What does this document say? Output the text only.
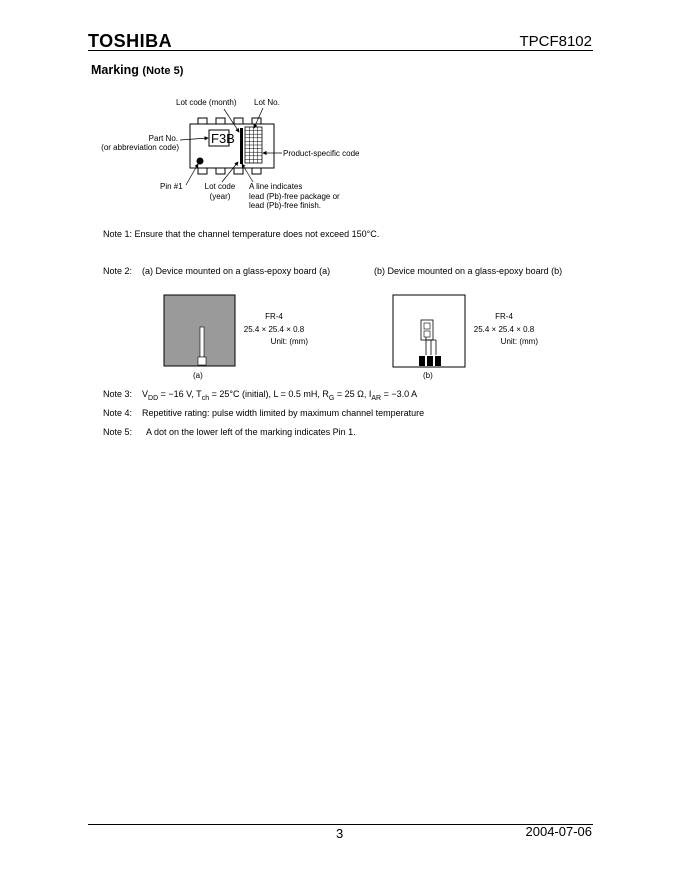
TOSHIBA	TPCF8102
Marking (Note 5)
Lot code (month) Lot No.
Part No.
(or abbreviation code)
F3B
Product-specific code
Pin #1	Lot code
(year)
A line indicates
lead (Pb)-free package or
lead (Pb)-free finish.
Note 1: Ensure that the channel temperature does not exceed 150°C.
Note 2: (a) Device mounted on a glass-epoxy board (a)	(b) Device mounted on a glass-epoxy board (b)
FR-4
25.4 × 25.4 × 0.8
Unit: (mm)
FR-4
25.4 × 25.4 × 0.8
Unit: (mm)
(a)	(b)
Note 3: $V_{DD} = -16$ V, $T_{ch} = 25^\circ C$ (initial), L = 0.5 mH, $R_G = 25$ Ω, $I_{AR} = -3.0$ A
Note 4: Repetitive rating: pulse width limited by maximum channel temperature
Note 5: A dot on the lower left of the marking indicates Pin 1.
3	2004-07-06
